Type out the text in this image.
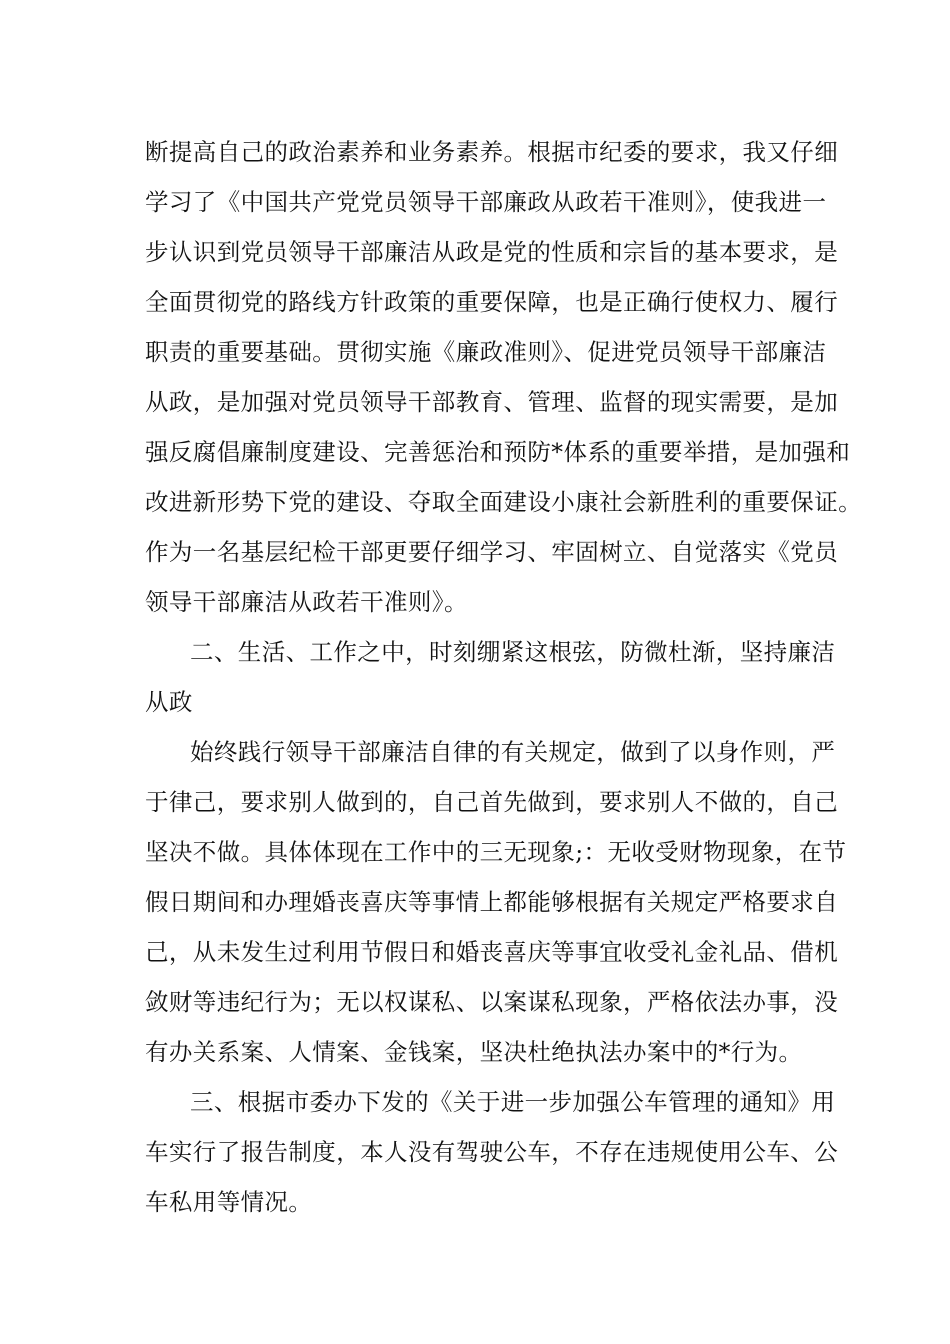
断提高自己的政治素养和业务素养。根据市纪委的要求，我又仔细
学习了《中国共产党党员领导干部廉政从政若干准则》，使我进一
步认识到党员领导干部廉洁从政是党的性质和宗旨的基本要求，是
全面贯彻党的路线方针政策的重要保障，也是正确行使权力、履行
职责的重要基础。贯彻实施《廉政准则》、促进党员领导干部廉洁
从政，是加强对党员领导干部教育、管理、监督的现实需要，是加
强反腐倡廉制度建设、完善惩治和预防*体系的重要举措，是加强和
改进新形势下党的建设、夺取全面建设小康社会新胜利的重要保证。
作为一名基层纪检干部更要仔细学习、牢固树立、自觉落实《党员
领导干部廉洁从政若干准则》。
二、生活、工作之中，时刻绷紧这根弦，防微杜渐，坚持廉洁
从政
始终践行领导干部廉洁自律的有关规定，做到了以身作则，严
于律己，要求别人做到的，自己首先做到，要求别人不做的，自己
坚决不做。具体体现在工作中的三无现象;：无收受财物现象，在节
假日期间和办理婚丧喜庆等事情上都能够根据有关规定严格要求自
己，从未发生过利用节假日和婚丧喜庆等事宜收受礼金礼品、借机
敛财等违纪行为；无以权谋私、以案谋私现象，严格依法办事，没
有办关系案、人情案、金钱案，坚决杜绝执法办案中的*行为。
三、根据市委办下发的《关于进一步加强公车管理的通知》用
车实行了报告制度，本人没有驾驶公车，不存在违规使用公车、公
车私用等情况。
